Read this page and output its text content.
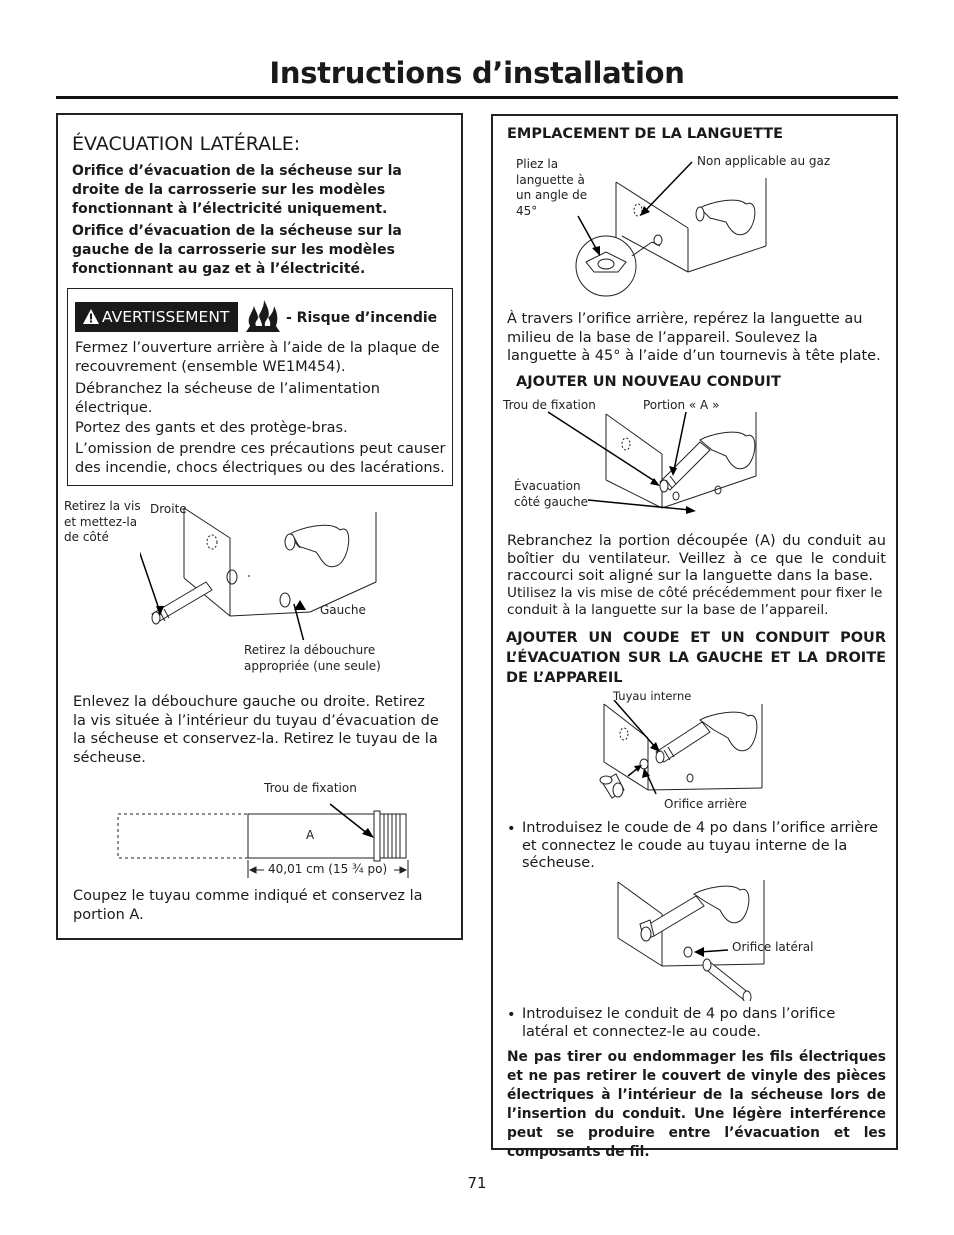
Instructions d’installation
ÉVACUATION LATÉRALE:
Orifice d’évacuation de la sécheuse sur la droite de la carrosserie sur les modèles fonctionnant à l’électricité uniquement.
Orifice d’évacuation de la sécheuse sur la gauche de la carrosserie sur les modèles fonctionnant au gaz et à l’électricité.
AVERTISSEMENT	- Risque d’incendie
Fermez l’ouverture arrière à l’aide de la plaque de recouvrement (ensemble WE1M454).
Débranchez la sécheuse de l’alimentation électrique.
Portez des gants et des protège-bras.
L’omission de prendre ces précautions peut causer des incendie, chocs électriques ou des lacérations.
Retirez la vis et mettez-la de côté
Droite
Gauche
Retirez la débouchure appropriée (une seule)
Enlevez la débouchure gauche ou droite. Retirez la vis située à l’intérieur du tuyau d’évacuation de la sécheuse et conservez-la. Retirez le tuyau de la sécheuse.
Trou de fixation
A
40,01 cm (15 ¾ po)
Coupez le tuyau comme indiqué et conservez la portion A.
EMPLACEMENT DE LA LANGUETTE
Pliez la languette à un angle de 45°
Non applicable au gaz
À travers l’orifice arrière, repérez la languette au milieu de la base de l’appareil. Soulevez la languette à 45° à l’aide d’un tournevis à tête plate.
AJOUTER UN NOUVEAU CONDUIT
Trou de fixation	Portion « A »
Évacuation côté gauche
Rebranchez la portion découpée (A) du conduit au boîtier du ventilateur. Veillez à ce que le conduit raccourci soit aligné sur la languette dans la base.
Utilisez la vis mise de côté précédemment pour fixer le conduit à la languette sur la base de l’appareil.
AJOUTER UN COUDE ET UN CONDUIT POUR L’ÉVACUATION SUR LA GAUCHE ET LA DROITE DE L’APPAREIL
Tuyau interne
Orifice arrière
• Introduisez le coude de 4 po dans l’orifice arrière et connectez le coude au tuyau interne de la sécheuse.
Orifice latéral
• Introduisez le conduit de 4 po dans l’orifice latéral et connectez-le au coude.
Ne pas tirer ou endommager les fils électriques et ne pas retirer le couvert de vinyle des pièces électriques à l’intérieur de la sécheuse lors de l’insertion du conduit. Une légère interférence peut se produire entre l’évacuation et les composants de fil.
71
